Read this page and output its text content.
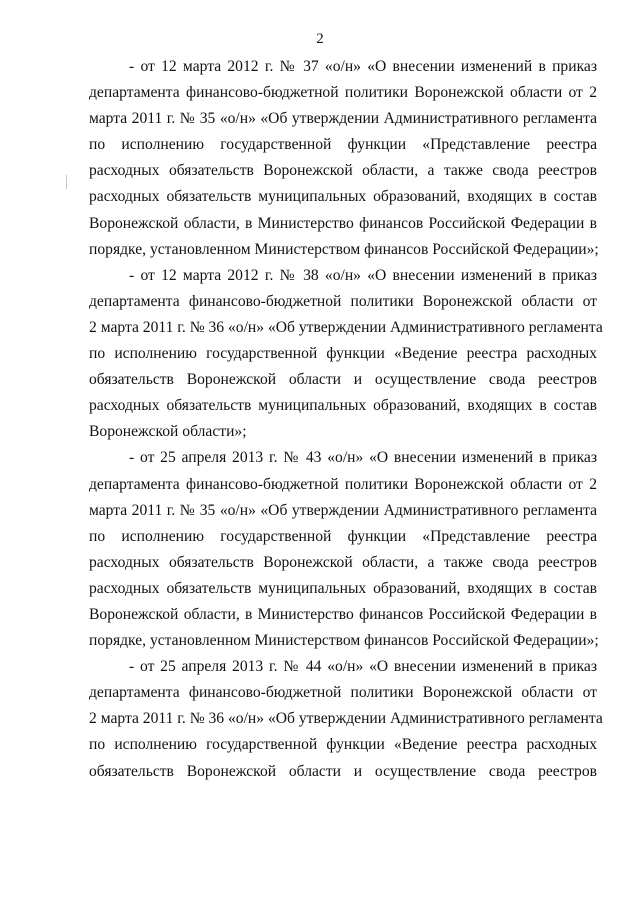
2

- от 12 марта 2012 г. № 37 «о/н» «О внесении изменений в приказ
департамента финансово-бюджетной политики Воронежской области от 2
марта 2011 г. № 35 «о/н» «Об утверждении Административного регламента
по исполнению государственной функции «Представление реестра
расходных обязательств Воронежской области, а также свода реестров
расходных обязательств муниципальных образований, входящих в состав
Воронежской области, в Министерство финансов Российской Федерации в
порядке, установленном Министерством финансов Российской Федерации»;

- от 12 марта 2012 г. № 38 «о/н» «О внесении изменений в приказ
департамента финансово-бюджетной политики Воронежской области от
2 марта 2011 г. № 36 «о/н» «Об утверждении Административного регламента
по исполнению государственной функции «Ведение реестра расходных
обязательств Воронежской области и осуществление свода реестров
расходных обязательств муниципальных образований, входящих в состав
Воронежской области»;

- от 25 апреля 2013 г. № 43 «о/н» «О внесении изменений в приказ
департамента финансово-бюджетной политики Воронежской области от 2
марта 2011 г. № 35 «о/н» «Об утверждении Административного регламента
по исполнению государственной функции «Представление реестра
расходных обязательств Воронежской области, а также свода реестров
расходных обязательств муниципальных образований, входящих в состав
Воронежской области, в Министерство финансов Российской Федерации в
порядке, установленном Министерством финансов Российской Федерации»;

- от 25 апреля 2013 г. № 44 «о/н» «О внесении изменений в приказ
департамента финансово-бюджетной политики Воронежской области от
2 марта 2011 г. № 36 «о/н» «Об утверждении Административного регламента
по исполнению государственной функции «Ведение реестра расходных
обязательств Воронежской области и осуществление свода реестров
